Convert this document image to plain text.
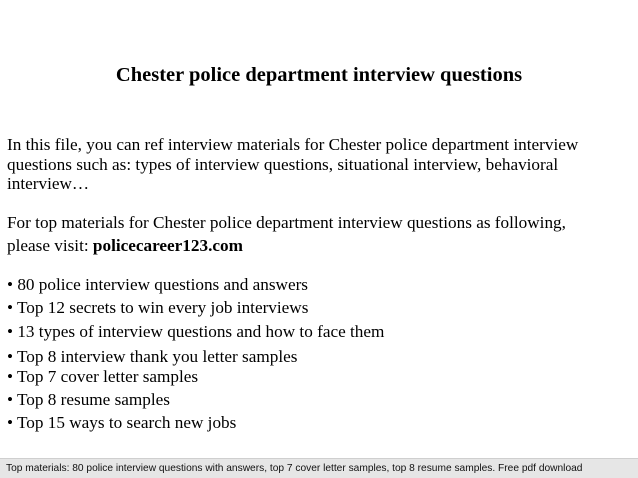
Chester police department interview questions
In this file, you can ref interview materials for Chester police department interview
questions such as: types of interview questions, situational interview, behavioral
interview…
For top materials for Chester police department interview questions as following,
please visit: policecareer123.com
• 80 police interview questions and answers
• Top 12 secrets to win every job interviews
• 13 types of interview questions and how to face them
• Top 8 interview thank you letter samples
• Top 7 cover letter samples
• Top 8 resume samples
• Top 15 ways to search new jobs
Top materials: 80 police interview questions with answers, top 7 cover letter samples, top 8 resume samples. Free pdf download
